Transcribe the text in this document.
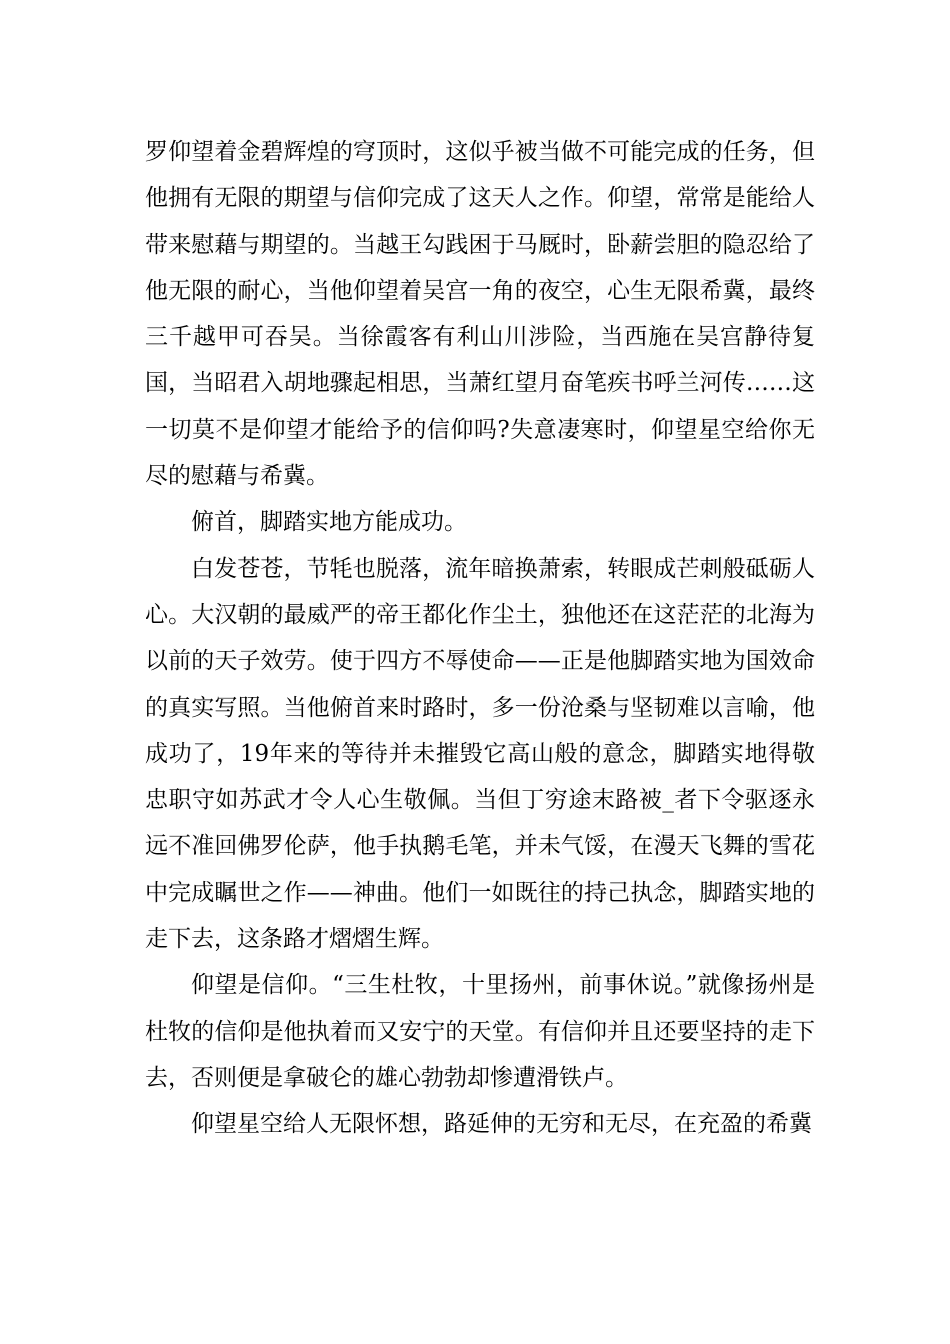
罗仰望着金碧辉煌的穹顶时，这似乎被当做不可能完成的任务，但他拥有无限的期望与信仰完成了这天人之作。仰望，常常是能给人带来慰藉与期望的。当越王勾践困于马厩时，卧薪尝胆的隐忍给了他无限的耐心，当他仰望着吴宫一角的夜空，心生无限希冀，最终三千越甲可吞吴。当徐霞客有利山川涉险，当西施在吴宫静待复国，当昭君入胡地骤起相思，当萧红望月奋笔疾书呼兰河传……这一切莫不是仰望才能给予的信仰吗?失意凄寒时，仰望星空给你无尽的慰藉与希冀。

俯首，脚踏实地方能成功。

白发苍苍，节牦也脱落，流年暗换萧索，转眼成芒刺般砥砺人心。大汉朝的最威严的帝王都化作尘土，独他还在这茫茫的北海为以前的天子效劳。使于四方不辱使命——正是他脚踏实地为国效命的真实写照。当他俯首来时路时，多一份沧桑与坚韧难以言喻，他成功了，19年来的等待并未摧毁它高山般的意念，脚踏实地得敬忠职守如苏武才令人心生敬佩。当但丁穷途末路被_者下令驱逐永远不准回佛罗伦萨，他手执鹅毛笔，并未气馁，在漫天飞舞的雪花中完成瞩世之作——神曲。他们一如既往的持己执念，脚踏实地的走下去，这条路才熠熠生辉。

仰望是信仰。“三生杜牧，十里扬州，前事休说。”就像扬州是杜牧的信仰是他执着而又安宁的天堂。有信仰并且还要坚持的走下去，否则便是拿破仑的雄心勃勃却惨遭滑铁卢。

仰望星空给人无限怀想，路延伸的无穷和无尽，在充盈的希冀
